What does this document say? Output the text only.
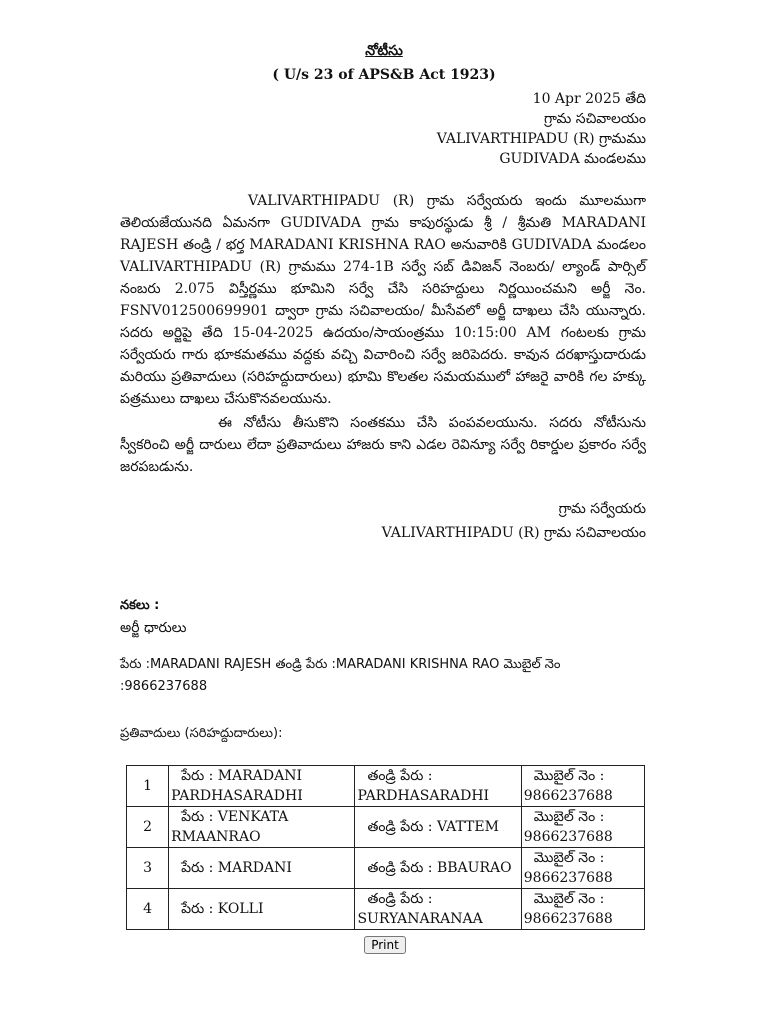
నోటీసు
( U/s 23 of APS&B Act 1923)
10 Apr 2025 తేది
గ్రామ సచివాలయం
VALIVARTHIPADU (R) గ్రామము
GUDIVADA మండలము
VALIVARTHIPADU (R) గ్రామ సర్వేయరు ఇందు మూలముగా తెలియజేయునది ఏమనగా GUDIVADA గ్రామ కాపురస్థుడు శ్రీ / శ్రీమతి MARADANI RAJESH తండ్రి / భర్త MARADANI KRISHNA RAO అనువారికి GUDIVADA మండలం VALIVARTHIPADU (R) గ్రామము 274-1B సర్వే సబ్ డివిజన్ నెంబరు/ ల్యాండ్ పార్సిల్ నంబరు 2.075 విస్తీర్ణము భూమిని సర్వే చేసి సరిహద్దులు నిర్ణయించమని అర్జీ నెం. FSNV012500699901 ద్వారా గ్రామ సచివాలయం/ మీసేవలో అర్జీ దాఖలు చేసి యున్నారు. సదరు అర్జిపై తేది 15-04-2025 ఉదయం/సాయంత్రము 10:15:00 AM గంటలకు గ్రామ సర్వేయరు గారు భూకమతము వద్దకు వచ్చి విచారించి సర్వే జరిపెదరు. కావున దరఖాస్తుదారుడు మరియు ప్రతివాదులు (సరిహద్దుదారులు) భూమి కొలతల సమయములో హాజరై వారికి గల హక్కు పత్రములు దాఖలు చేసుకొనవలయును.
ఈ నోటీసు తీసుకొని సంతకము చేసి పంపవలయును. సదరు నోటీసును స్వీకరించి అర్జీ దారులు లేదా ప్రతివాదులు హాజరు కాని ఎడల రెవిన్యూ సర్వే రికార్డుల ప్రకారం సర్వే జరపబడును.
గ్రామ సర్వేయరు
VALIVARTHIPADU (R) గ్రామ సచివాలయం
నకలు :
అర్జీ ధారులు
పేరు :MARADANI RAJESH తండ్రి పేరు :MARADANI KRISHNA RAO మొబైల్ నెం :9866237688
ప్రతివాదులు (సరిహద్దుదారులు):
1	పేరు : MARADANI PARDHASARADHI	తండ్రి పేరు : PARDHASARADHI	మొబైల్ నెం : 9866237688
2	పేరు : VENKATA RMAANRAO	తండ్రి పేరు : VATTEM	మొబైల్ నెం : 9866237688
3	పేరు : MARDANI	తండ్రి పేరు : BBAURAO	మొబైల్ నెం : 9866237688
4	పేరు : KOLLI	తండ్రి పేరు : SURYANARANAA	మొబైల్ నెం : 9866237688
Print
